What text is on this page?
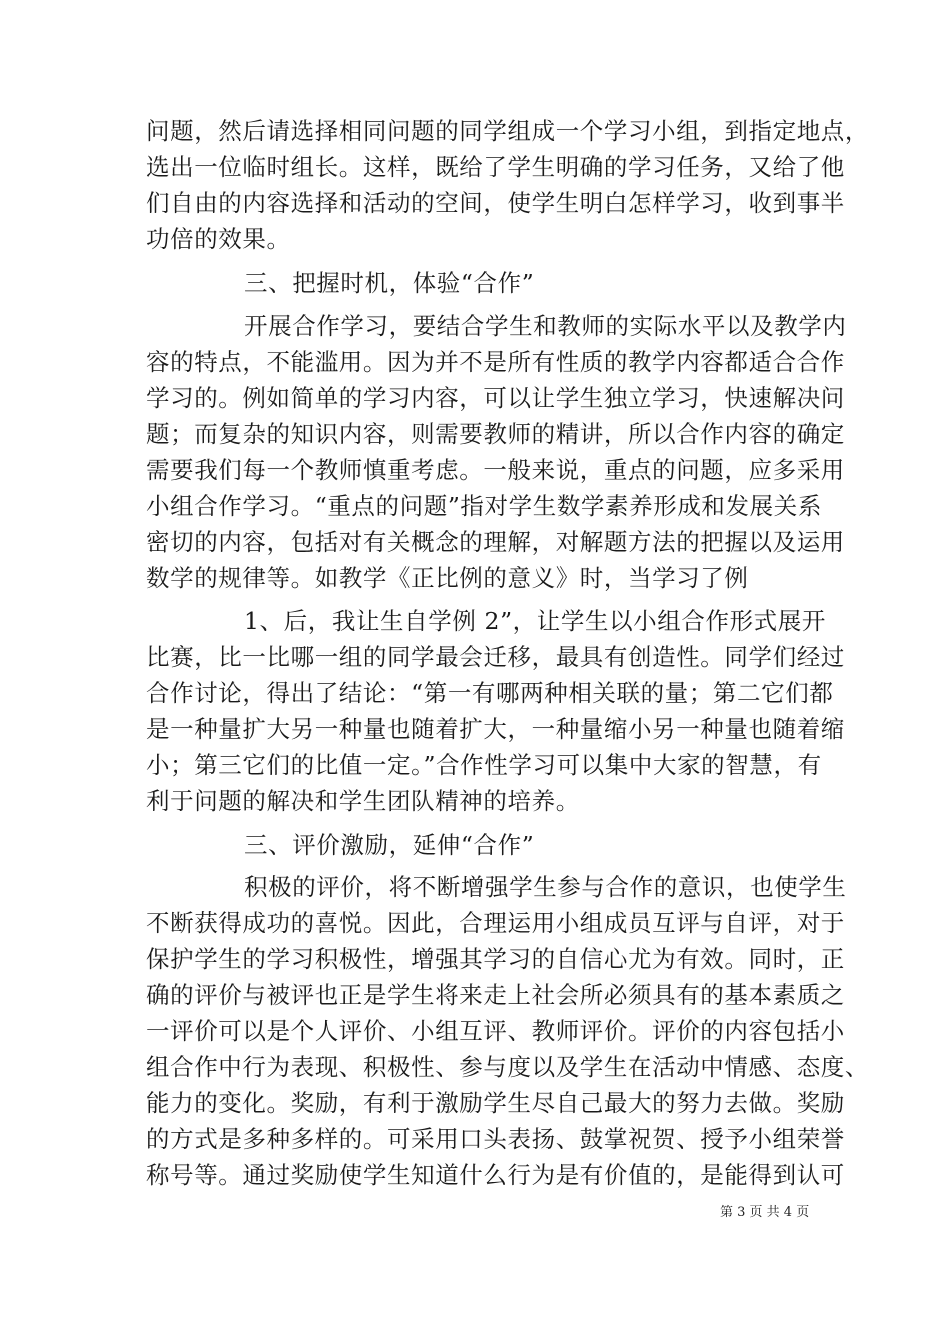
问题，然后请选择相同问题的同学组成一个学习小组，到指定地点，
选出一位临时组长。这样，既给了学生明确的学习任务，又给了他
们自由的内容选择和活动的空间，使学生明白怎样学习，收到事半
功倍的效果。
三、把握时机，体验“合作”
开展合作学习，要结合学生和教师的实际水平以及教学内
容的特点，不能滥用。因为并不是所有性质的教学内容都适合合作
学习的。例如简单的学习内容，可以让学生独立学习，快速解决问
题；而复杂的知识内容，则需要教师的精讲，所以合作内容的确定
需要我们每一个教师慎重考虑。一般来说，重点的问题，应多采用
小组合作学习。“重点的问题”指对学生数学素养形成和发展关系
密切的内容，包括对有关概念的理解，对解题方法的把握以及运用
数学的规律等。如教学《正比例的意义》时，当学习了例
1、后，我让生自学例 2”，让学生以小组合作形式展开
比赛，比一比哪一组的同学最会迁移，最具有创造性。同学们经过
合作讨论，得出了结论：“第一有哪两种相关联的量；第二它们都
是一种量扩大另一种量也随着扩大，一种量缩小另一种量也随着缩
小；第三它们的比值一定。”合作性学习可以集中大家的智慧，有
利于问题的解决和学生团队精神的培养。
三、评价激励，延伸“合作”
积极的评价，将不断增强学生参与合作的意识，也使学生
不断获得成功的喜悦。因此，合理运用小组成员互评与自评，对于
保护学生的学习积极性，增强其学习的自信心尤为有效。同时，正
确的评价与被评也正是学生将来走上社会所必须具有的基本素质之
一评价可以是个人评价、小组互评、教师评价。评价的内容包括小
组合作中行为表现、积极性、参与度以及学生在活动中情感、态度、
能力的变化。奖励，有利于激励学生尽自己最大的努力去做。奖励
的方式是多种多样的。可采用口头表扬、鼓掌祝贺、授予小组荣誉
称号等。通过奖励使学生知道什么行为是有价值的，是能得到认可
第 3 页 共 4 页
